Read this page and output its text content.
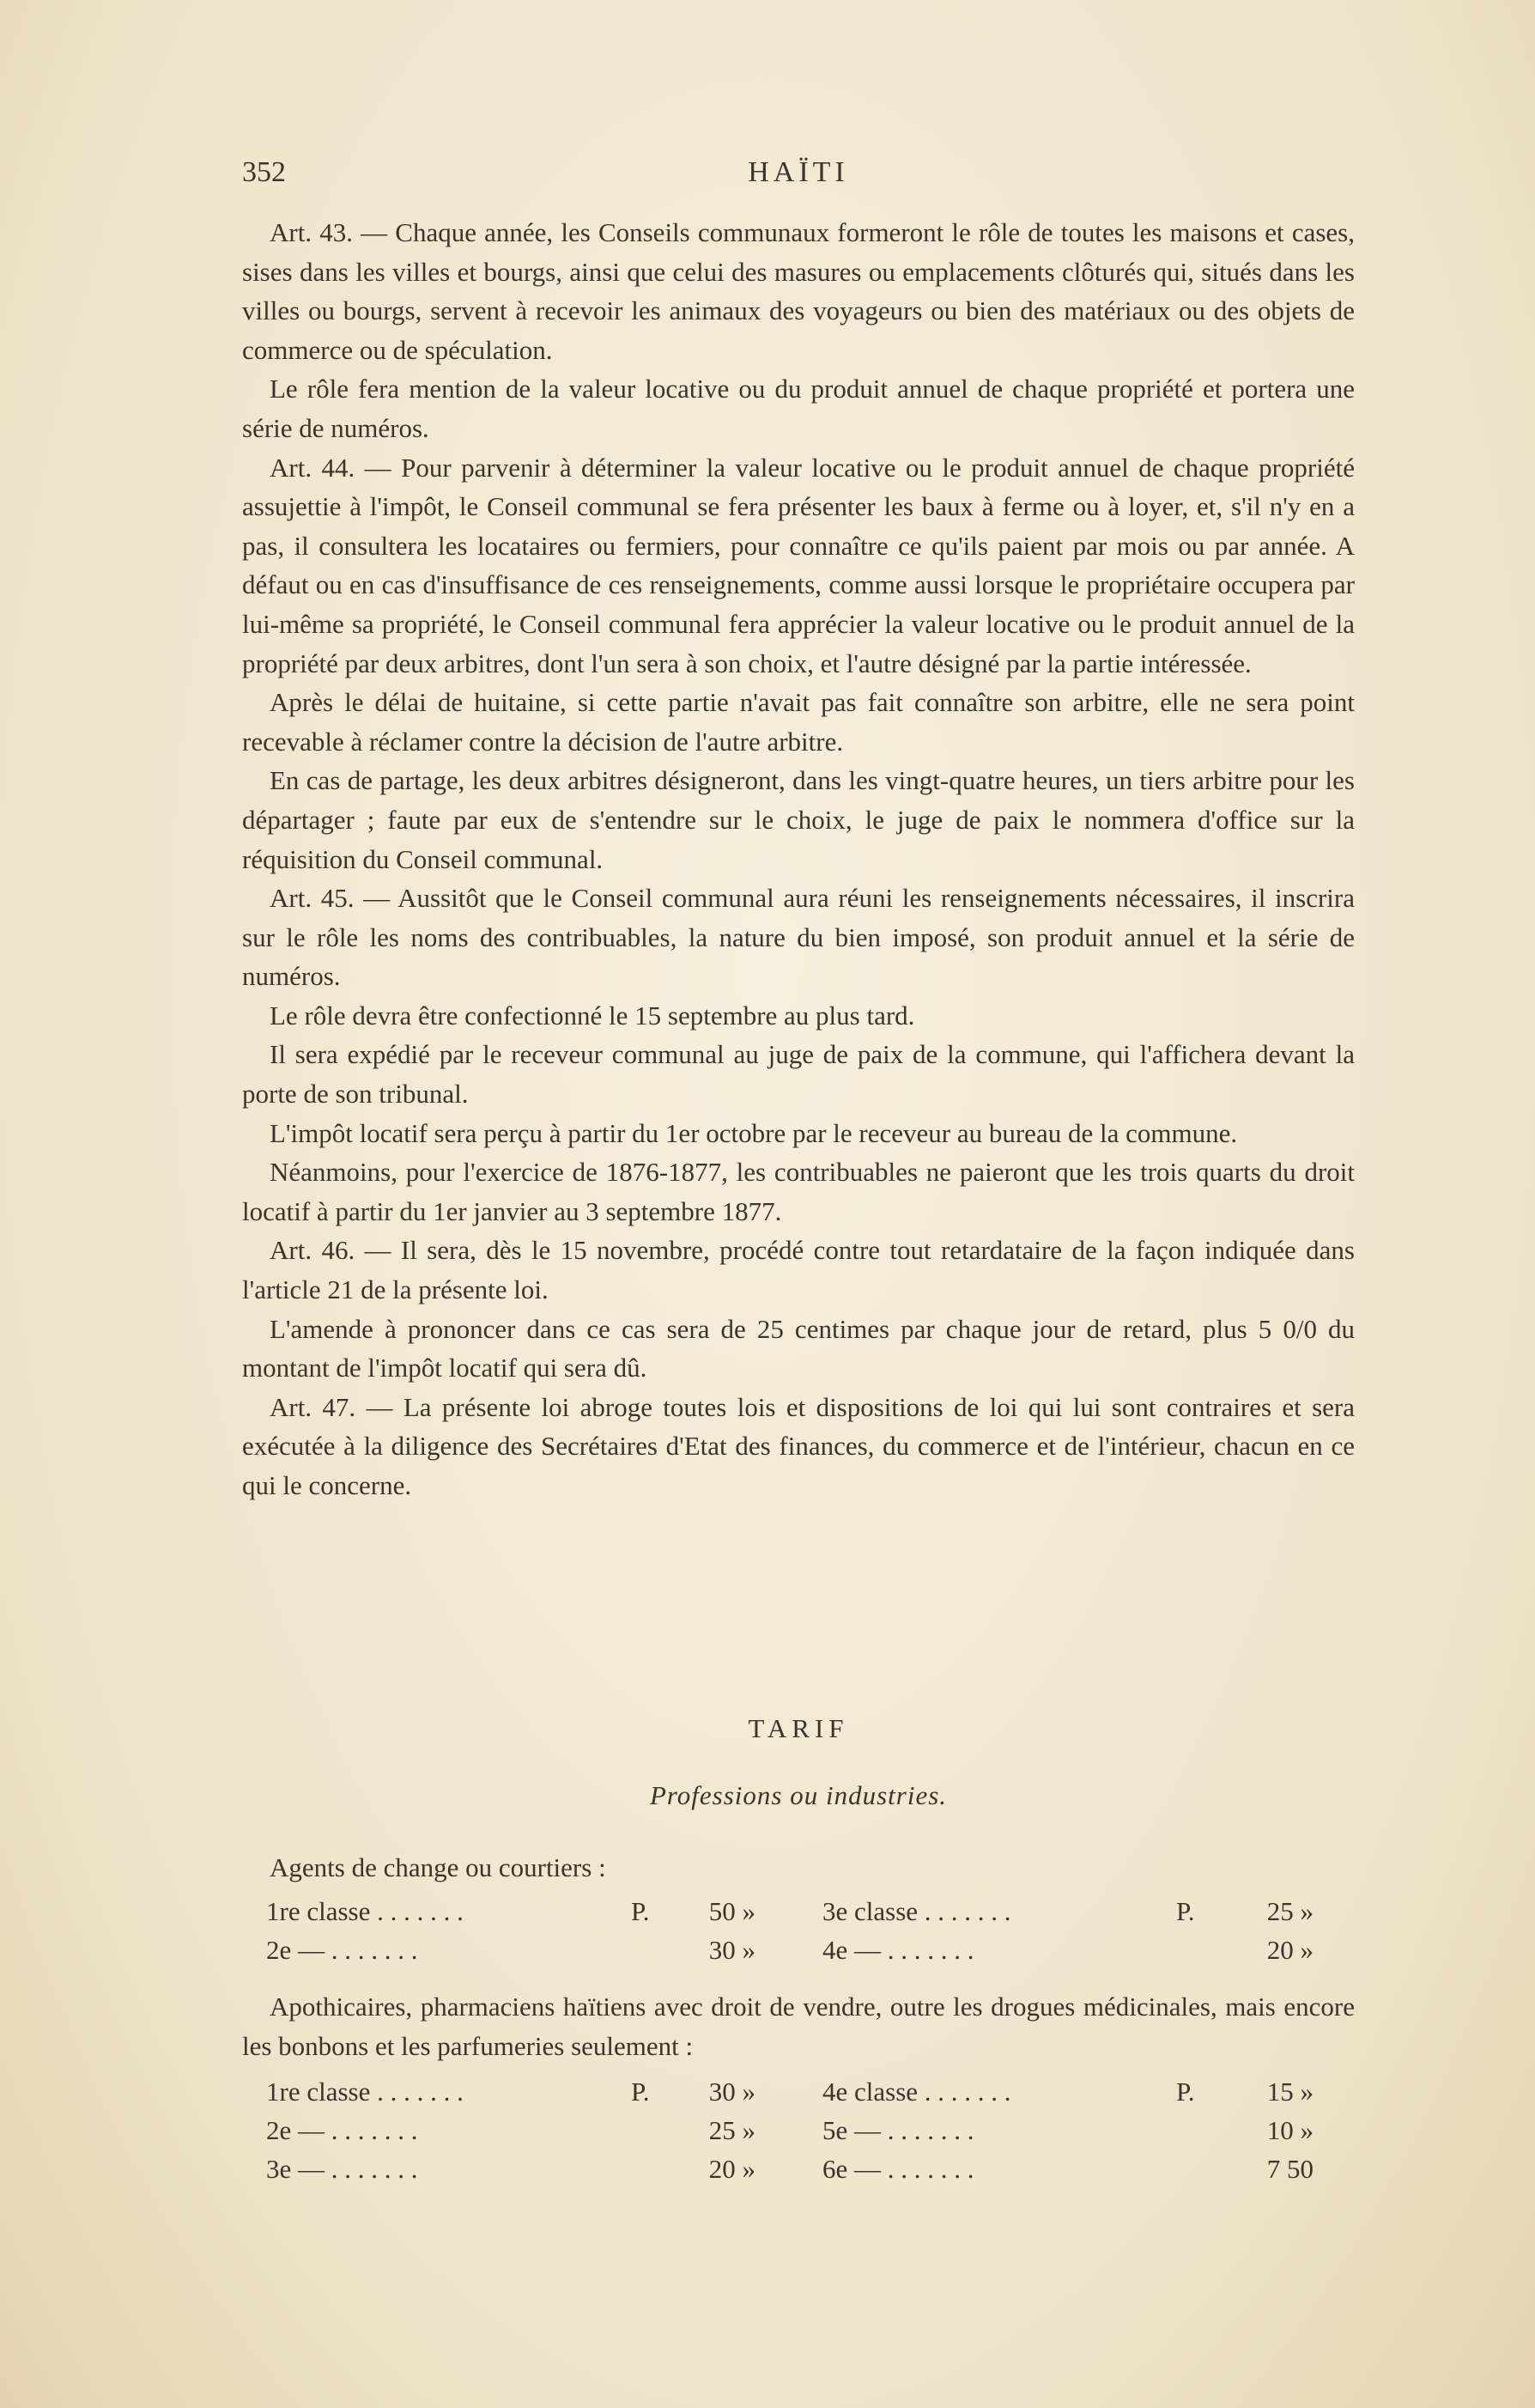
352	HAÏTI

Art. 43. — Chaque année, les Conseils communaux formeront le rôle de toutes les maisons et cases, sises dans les villes et bourgs, ainsi que celui des masures ou emplacements clôturés qui, situés dans les villes ou bourgs, servent à recevoir les animaux des voyageurs ou bien des matériaux ou des objets de commerce ou de spéculation.

Le rôle fera mention de la valeur locative ou du produit annuel de chaque propriété et portera une série de numéros.

Art. 44. — Pour parvenir à déterminer la valeur locative ou le produit annuel de chaque propriété assujettie à l'impôt, le Conseil communal se fera présenter les baux à ferme ou à loyer, et, s'il n'y en a pas, il consultera les locataires ou fermiers, pour connaître ce qu'ils paient par mois ou par année. A défaut ou en cas d'insuffisance de ces renseignements, comme aussi lorsque le propriétaire occupera par lui-même sa propriété, le Conseil communal fera apprécier la valeur locative ou le produit annuel de la propriété par deux arbitres, dont l'un sera à son choix, et l'autre désigné par la partie intéressée.

Après le délai de huitaine, si cette partie n'avait pas fait connaître son arbitre, elle ne sera point recevable à réclamer contre la décision de l'autre arbitre.

En cas de partage, les deux arbitres désigneront, dans les vingt-quatre heures, un tiers arbitre pour les départager ; faute par eux de s'entendre sur le choix, le juge de paix le nommera d'office sur la réquisition du Conseil communal.

Art. 45. — Aussitôt que le Conseil communal aura réuni les renseignements nécessaires, il inscrira sur le rôle les noms des contribuables, la nature du bien imposé, son produit annuel et la série de numéros.

Le rôle devra être confectionné le 15 septembre au plus tard.

Il sera expédié par le receveur communal au juge de paix de la commune, qui l'affichera devant la porte de son tribunal.

L'impôt locatif sera perçu à partir du 1er octobre par le receveur au bureau de la commune.

Néanmoins, pour l'exercice de 1876-1877, les contribuables ne paieront que les trois quarts du droit locatif à partir du 1er janvier au 3 septembre 1877.

Art. 46. — Il sera, dès le 15 novembre, procédé contre tout retardataire de la façon indiquée dans l'article 21 de la présente loi.

L'amende à prononcer dans ce cas sera de 25 centimes par chaque jour de retard, plus 5 0/0 du montant de l'impôt locatif qui sera dû.

Art. 47. — La présente loi abroge toutes lois et dispositions de loi qui lui sont contraires et sera exécutée à la diligence des Secrétaires d'Etat des finances, du commerce et de l'intérieur, chacun en ce qui le concerne.

TARIF
Professions ou industries.
Agents de change ou courtiers :
1re classe . . . . . . .	P.	50 »	3e classe . . . . . . .	P.	25 »
2e — . . . . . . .	30 »	4e — . . . . . . .	20 »
Apothicaires, pharmaciens haïtiens avec droit de vendre, outre les drogues médicinales, mais encore les bonbons et les parfumeries seulement :
1re classe . . . . . . .	P.	30 »	4e classe . . . . . . .	P.	15 »
2e — . . . . . . .	25 »	5e — . . . . . . .	10 »
3e — . . . . . . .	20 »	6e — . . . . . . .	7 50
